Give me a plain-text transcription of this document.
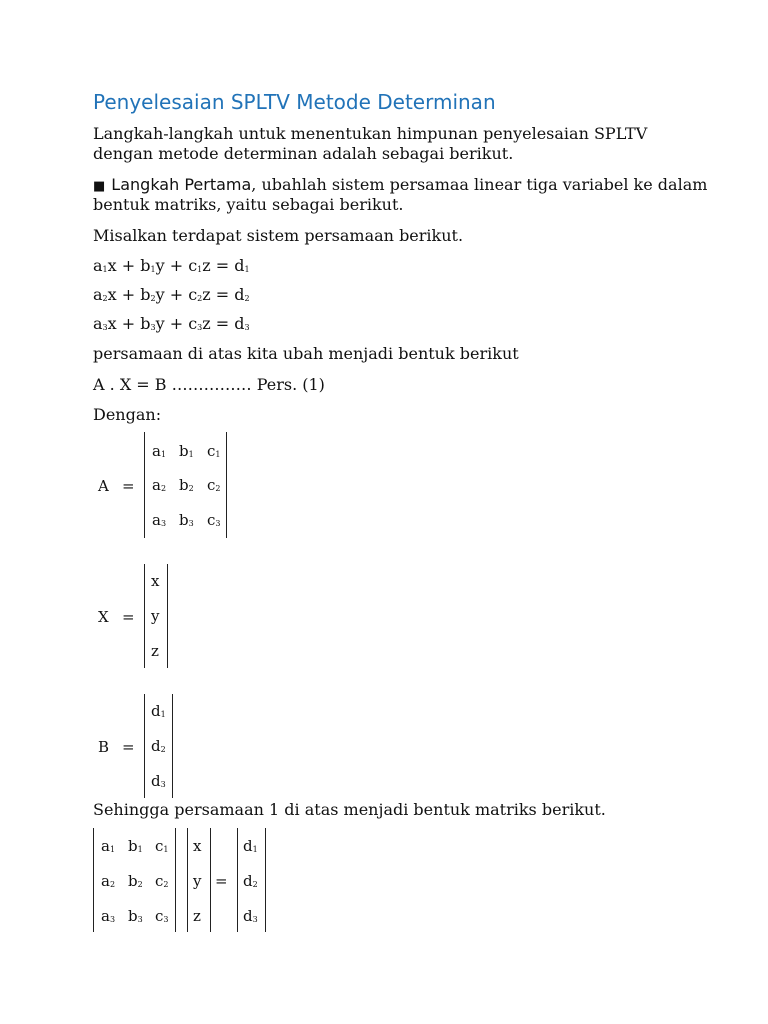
Penyelesaian SPLTV Metode Determinan
Langkah-langkah untuk menentukan himpunan penyelesaian SPLTV
dengan metode determinan adalah sebagai berikut.
■ Langkah Pertama, ubahlah sistem persamaa linear tiga variabel ke dalam
bentuk matriks, yaitu sebagai berikut.
Misalkan terdapat sistem persamaan berikut.
$a_1x + b_1y + c_1z = d_1$
$a_2x + b_2y + c_2z = d_2$
$a_3x + b_3y + c_3z = d_3$
persamaan di atas kita ubah menjadi bentuk berikut
A . X = B …………… Pers. (1)
Dengan:
A =
$a_1$ $b_1$ $c_1$
$a_2$ $b_2$ $c_2$
$a_3$ $b_3$ $c_3$
X =
x
y
z
B =
$d_1$
$d_2$
$d_3$
Sehingga persamaan 1 di atas menjadi bentuk matriks berikut.
$a_1$ $b_1$ $c_1$
$a_2$ $b_2$ $c_2$
$a_3$ $b_3$ $c_3$
x
y
z
=
$d_1$
$d_2$
$d_3$
